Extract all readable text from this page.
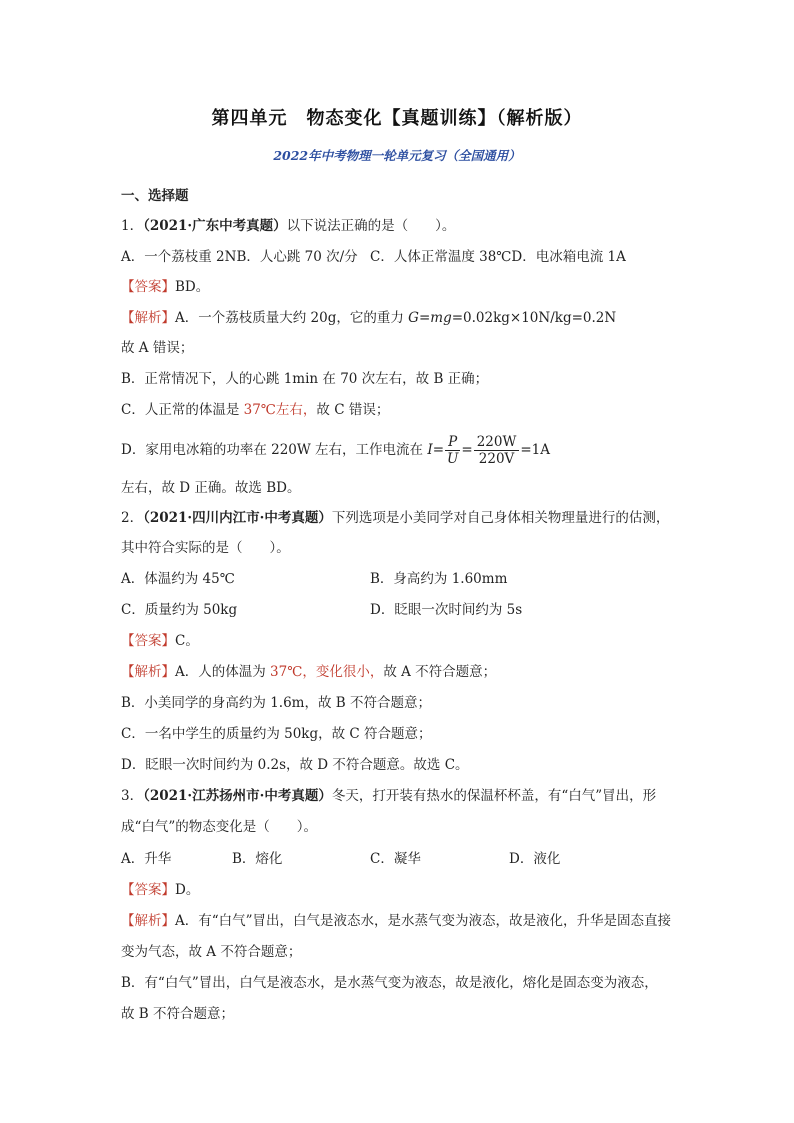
第四单元　物态变化【真题训练】（解析版）
2022年中考物理一轮单元复习（全国通用）
一、选择题
1．（2021·广东中考真题）以下说法正确的是（　　）。
A．一个荔枝重 2NB．人心跳 70 次/分 C．人体正常温度 38℃D．电冰箱电流 1A
【答案】BD。
【解析】A．一个荔枝质量大约 20g，它的重力 G=mg=0.02kg×10N/kg=0.2N
故 A 错误；
B．正常情况下，人的心跳 1min 在 70 次左右，故 B 正确；
C．人正常的体温是 37℃左右，故 C 错误；
D．家用电冰箱的功率在 220W 左右，工作电流在 $I= \frac{P}{U} = \frac{220W}{220V} =1A$
左右，故 D 正确。故选 BD。
2．（2021·四川内江市·中考真题）下列选项是小美同学对自己身体相关物理量进行的估测，
其中符合实际的是（　　）。
A．体温约为 45℃	B．身高约为 1.60mm
C．质量约为 50kg	D．眨眼一次时间约为 5s
【答案】C。
【解析】A．人的体温为 37℃，变化很小，故 A 不符合题意；
B．小美同学的身高约为 1.6m，故 B 不符合题意；
C．一名中学生的质量约为 50kg，故 C 符合题意；
D．眨眼一次时间约为 0.2s，故 D 不符合题意。故选 C。
3．（2021·江苏扬州市·中考真题）冬天，打开装有热水的保温杯杯盖，有“白气”冒出，形
成“白气”的物态变化是（　　）。
A．升华	B．熔化	C．凝华	D．液化
【答案】D。
【解析】A．有“白气”冒出，白气是液态水，是水蒸气变为液态，故是液化，升华是固态直接
变为气态，故 A 不符合题意；
B．有“白气”冒出，白气是液态水，是水蒸气变为液态，故是液化，熔化是固态变为液态，
故 B 不符合题意；
